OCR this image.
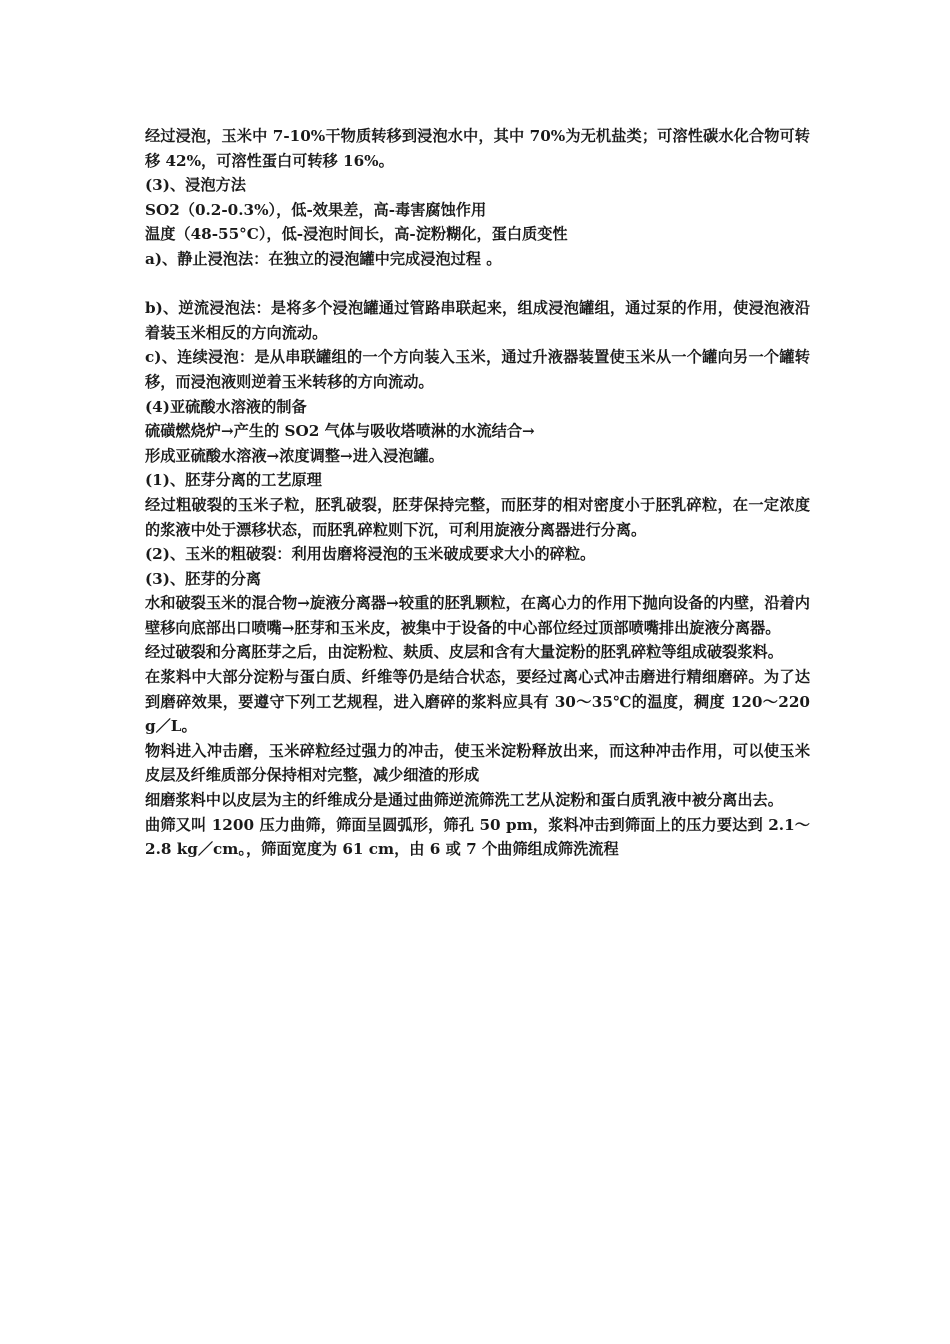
经过浸泡，玉米中 7-10%干物质转移到浸泡水中，其中 70%为无机盐类；可溶性碳水化合物可转移 42%，可溶性蛋白可转移 16%。

(3)、浸泡方法

SO2（0.2-0.3%），低-效果差，高-毒害腐蚀作用

温度（48-55°C），低-浸泡时间长，高-淀粉糊化，蛋白质变性

a)、静止浸泡法：在独立的浸泡罐中完成浸泡过程 。

b)、逆流浸泡法：是将多个浸泡罐通过管路串联起来，组成浸泡罐组，通过泵的作用，使浸泡液沿着装玉米相反的方向流动。

c)、连续浸泡：是从串联罐组的一个方向装入玉米，通过升液器装置使玉米从一个罐向另一个罐转移，而浸泡液则逆着玉米转移的方向流动。

(4)亚硫酸水溶液的制备

硫磺燃烧炉→产生的 SO2 气体与吸收塔喷淋的水流结合→

形成亚硫酸水溶液→浓度调整→进入浸泡罐。

(1)、胚芽分离的工艺原理

经过粗破裂的玉米子粒，胚乳破裂，胚芽保持完整，而胚芽的相对密度小于胚乳碎粒，在一定浓度的浆液中处于漂移状态，而胚乳碎粒则下沉，可利用旋液分离器进行分离。

(2)、玉米的粗破裂：利用齿磨将浸泡的玉米破成要求大小的碎粒。

(3)、胚芽的分离

水和破裂玉米的混合物→旋液分离器→较重的胚乳颗粒，在离心力的作用下抛向设备的内壁，沿着内壁移向底部出口喷嘴→胚芽和玉米皮，被集中于设备的中心部位经过顶部喷嘴排出旋液分离器。

经过破裂和分离胚芽之后，由淀粉粒、麸质、皮层和含有大量淀粉的胚乳碎粒等组成破裂浆料。

在浆料中大部分淀粉与蛋白质、纤维等仍是结合状态，要经过离心式冲击磨进行精细磨碎。为了达到磨碎效果，要遵守下列工艺规程，进入磨碎的浆料应具有 30～35℃的温度，稠度 120～220 g／L。

物料进入冲击磨，玉米碎粒经过强力的冲击，使玉米淀粉释放出来，而这种冲击作用，可以使玉米皮层及纤维质部分保持相对完整，减少细渣的形成

细磨浆料中以皮层为主的纤维成分是通过曲筛逆流筛洗工艺从淀粉和蛋白质乳液中被分离出去。

曲筛又叫 1200 压力曲筛，筛面呈圆弧形，筛孔 50 pm，浆料冲击到筛面上的压力要达到 2.1～2.8 kg／cm。，筛面宽度为 61 cm，由 6 或 7 个曲筛组成筛洗流程
